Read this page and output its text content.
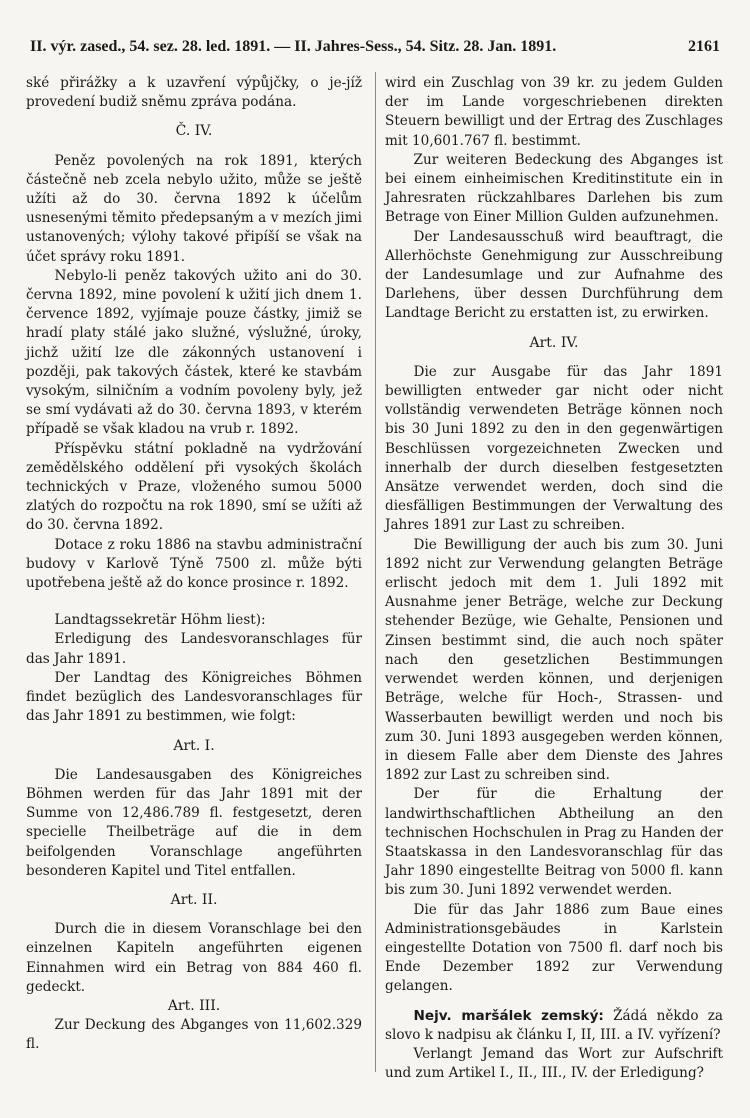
II. výr. zased., 54. sez. 28. led. 1891. — II. Jahres-Sess., 54. Sitz. 28. Jan. 1891.	2161

ské přirážky a k uzavření výpůjčky, o je-jíž provedení budiž sněmu zpráva podána.

Č. IV.

Peněz povolených na rok 1891, kterých částečně neb zcela nebylo užito, může se ještě užíti až do 30. června 1892 k účelům usnesenými těmito předepsaným a v mezích jimi ustanovených; výlohy takové připíší se však na účet správy roku 1891.

Nebylo-li peněz takových užito ani do 30. června 1892, mine povolení k užití jich dnem 1. července 1892, vyjímaje pouze částky, jimiž se hradí platy stálé jako služné, výslužné, úroky, jichž užití lze dle zákonných ustanovení i později, pak takových částek, které ke stavbám vysokým, silničním a vodním povoleny byly, jež se smí vydávati až do 30. června 1893, v kterém případě se však kladou na vrub r. 1892.

Příspěvku státní pokladně na vydržování zemědělského oddělení při vysokých školách technických v Praze, vloženého sumou 5000 zlatých do rozpočtu na rok 1890, smí se užíti až do 30. června 1892.

Dotace z roku 1886 na stavbu administrační budovy v Karlově Týně 7500 zl. může býti upotřebena ještě až do konce prosince r. 1892.

Landtagssekretär Höhm liest):

Erledigung des Landesvoranschlages für das Jahr 1891.

Der Landtag des Königreiches Böhmen findet bezüglich des Landesvoranschlages für das Jahr 1891 zu bestimmen, wie folgt:

Art. I.

Die Landesausgaben des Königreiches Böhmen werden für das Jahr 1891 mit der Summe von 12,486.789 fl. festgesetzt, deren specielle Theilbeträge auf die in dem beifolgenden Voranschlage angeführten besonderen Kapitel und Titel entfallen.

Art. II.

Durch die in diesem Voranschlage bei den einzelnen Kapiteln angeführten eigenen Einnahmen wird ein Betrag von 884 460 fl. gedeckt.

Art. III.

Zur Deckung des Abganges von 11,602.329 fl.

wird ein Zuschlag von 39 kr. zu jedem Gulden der im Lande vorgeschriebenen direkten Steuern bewilligt und der Ertrag des Zuschlages mit 10,601.767 fl. bestimmt.

Zur weiteren Bedeckung des Abganges ist bei einem einheimischen Kreditinstitute ein in Jahresraten rückzahlbares Darlehen bis zum Betrage von Einer Million Gulden aufzunehmen.

Der Landesausschuß wird beauftragt, die Allerhöchste Genehmigung zur Ausschreibung der Landesumlage und zur Aufnahme des Darlehens, über dessen Durchführung dem Landtage Bericht zu erstatten ist, zu erwirken.

Art. IV.

Die zur Ausgabe für das Jahr 1891 bewilligten entweder gar nicht oder nicht vollständig verwendeten Beträge können noch bis 30 Juni 1892 zu den in den gegenwärtigen Beschlüssen vorgezeichneten Zwecken und innerhalb der durch dieselben festgesetzten Ansätze verwendet werden, doch sind die diesfälligen Bestimmungen der Verwaltung des Jahres 1891 zur Last zu schreiben.

Die Bewilligung der auch bis zum 30. Juni 1892 nicht zur Verwendung gelangten Beträge erlischt jedoch mit dem 1. Juli 1892 mit Ausnahme jener Beträge, welche zur Deckung stehender Bezüge, wie Gehalte, Pensionen und Zinsen bestimmt sind, die auch noch später nach den gesetzlichen Bestimmungen verwendet werden können, und derjenigen Beträge, welche für Hoch-, Strassen- und Wasserbauten bewilligt werden und noch bis zum 30. Juni 1893 ausgegeben werden können, in diesem Falle aber dem Dienste des Jahres 1892 zur Last zu schreiben sind.

Der für die Erhaltung der landwirthschaftlichen Abtheilung an den technischen Hochschulen in Prag zu Handen der Staatskassa in den Landesvoranschlag für das Jahr 1890 eingestellte Beitrag von 5000 fl. kann bis zum 30. Juni 1892 verwendet werden.

Die für das Jahr 1886 zum Baue eines Administrationsgebäudes in Karlstein eingestellte Dotation von 7500 fl. darf noch bis Ende Dezember 1892 zur Verwendung gelangen.

Nejv. maršálek zemský: Žádá někdo za slovo k nadpisu ak článku I, II, III. a IV. vyřízení?

Verlangt Jemand das Wort zur Aufschrift und zum Artikel I., II., III., IV. der Erledigung?
